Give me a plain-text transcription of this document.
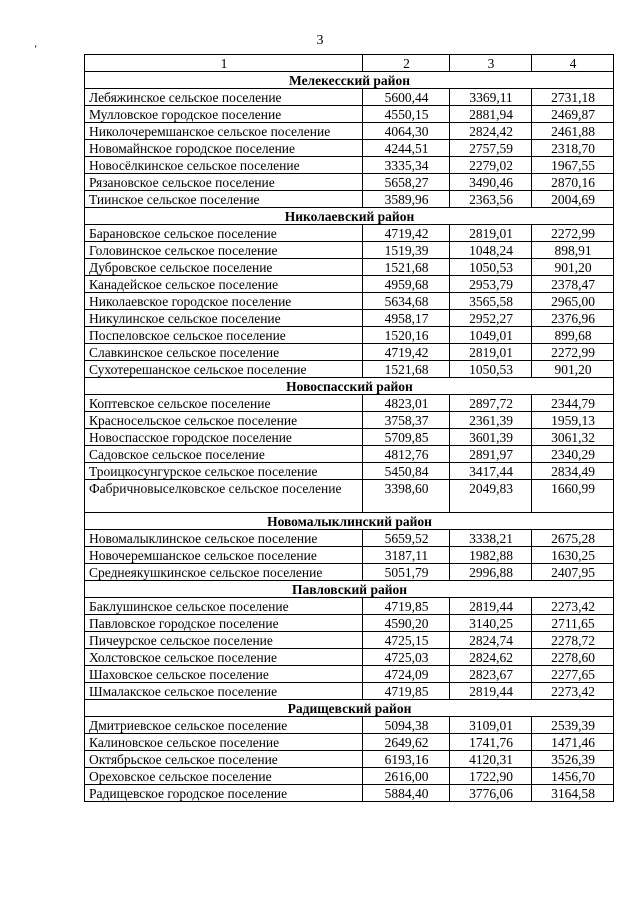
3
‘
1	2	3	4
Мелекесский район			
Лебяжинское сельское поселение	5600,44	3369,11	2731,18
Мулловское городское поселение	4550,15	2881,94	2469,87
Николочеремшанское сельское поселение	4064,30	2824,42	2461,88
Новомайнское городское поселение	4244,51	2757,59	2318,70
Новосёлкинское сельское поселение	3335,34	2279,02	1967,55
Рязановское сельское поселение	5658,27	3490,46	2870,16
Тиинское сельское поселение	3589,96	2363,56	2004,69
Николаевский район			
Барановское сельское поселение	4719,42	2819,01	2272,99
Головинское сельское поселение	1519,39	1048,24	898,91
Дубровское сельское поселение	1521,68	1050,53	901,20
Канадейское сельское поселение	4959,68	2953,79	2378,47
Николаевское городское поселение	5634,68	3565,58	2965,00
Никулинское сельское поселение	4958,17	2952,27	2376,96
Поспеловское сельское поселение	1520,16	1049,01	899,68
Славкинское сельское поселение	4719,42	2819,01	2272,99
Сухотерешанское сельское поселение	1521,68	1050,53	901,20
Новоспасский район			
Коптевское сельское поселение	4823,01	2897,72	2344,79
Красносельское сельское поселение	3758,37	2361,39	1959,13
Новоспасское городское поселение	5709,85	3601,39	3061,32
Садовское сельское поселение	4812,76	2891,97	2340,29
Троицкосунгурское сельское поселение	5450,84	3417,44	2834,49
Фабричновыселковское сельское поселение	3398,60	2049,83	1660,99
Новомалыклинский район			
Новомалыклинское сельское поселение	5659,52	3338,21	2675,28
Новочеремшанское сельское поселение	3187,11	1982,88	1630,25
Среднеякушкинское сельское поселение	5051,79	2996,88	2407,95
Павловский район			
Баклушинское сельское поселение	4719,85	2819,44	2273,42
Павловское городское поселение	4590,20	3140,25	2711,65
Пичеурское сельское поселение	4725,15	2824,74	2278,72
Холстовское сельское поселение	4725,03	2824,62	2278,60
Шаховское сельское поселение	4724,09	2823,67	2277,65
Шмалакское сельское поселение	4719,85	2819,44	2273,42
Радищевский район			
Дмитриевское сельское поселение	5094,38	3109,01	2539,39
Калиновское сельское поселение	2649,62	1741,76	1471,46
Октябрьское сельское поселение	6193,16	4120,31	3526,39
Ореховское сельское поселение	2616,00	1722,90	1456,70
Радищевское городское поселение	5884,40	3776,06	3164,58
